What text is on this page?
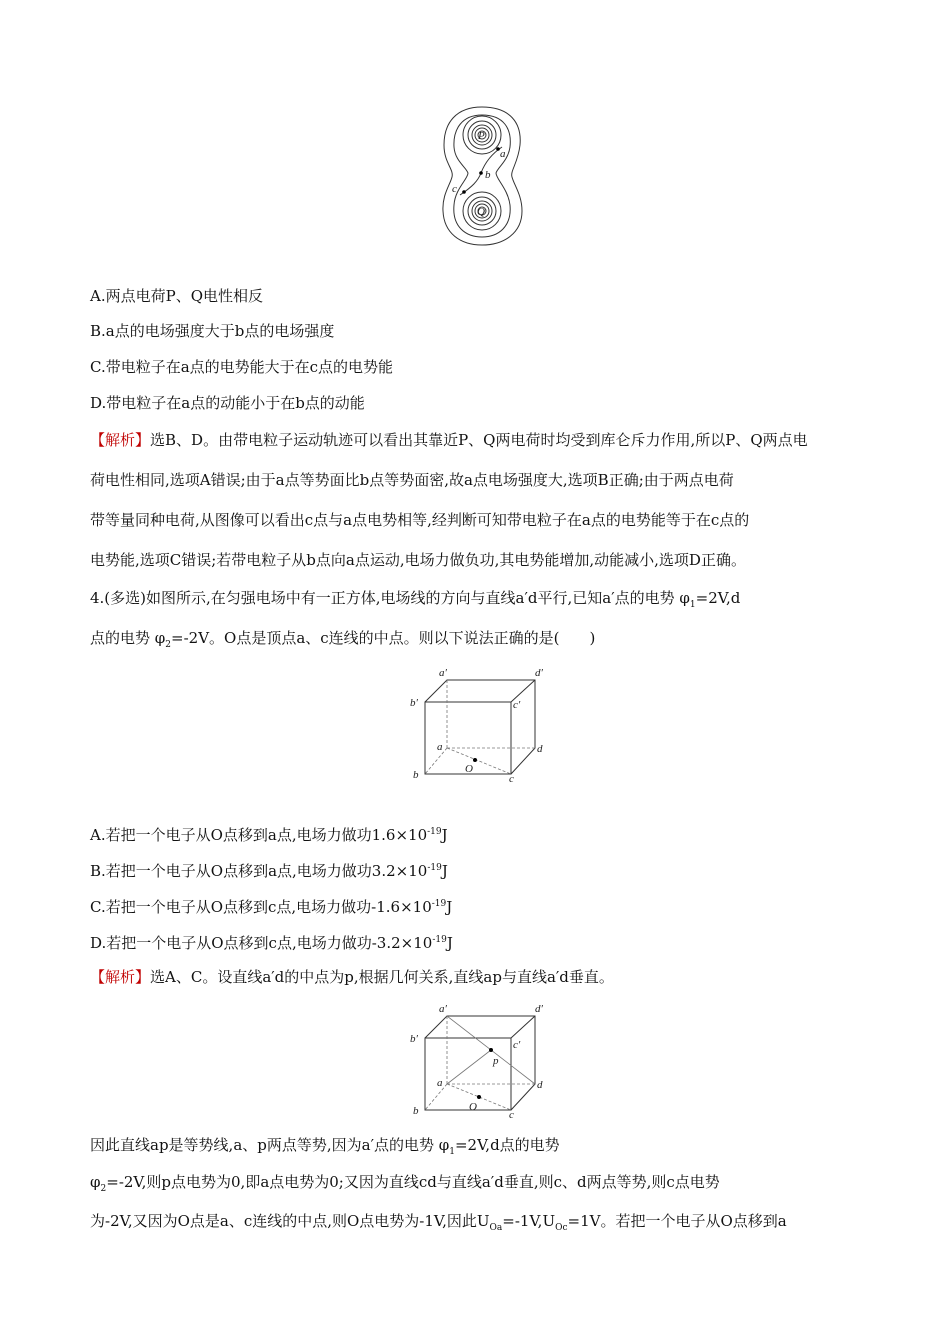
P
Q
a
b
c
A.两点电荷P、Q电性相反
B.a点的电场强度大于b点的电场强度
C.带电粒子在a点的电势能大于在c点的电势能
D.带电粒子在a点的动能小于在b点的动能
【解析】选B、D。由带电粒子运动轨迹可以看出其靠近P、Q两电荷时均受到库仑斥力作用,所以P、Q两点电
荷电性相同,选项A错误;由于a点等势面比b点等势面密,故a点电场强度大,选项B正确;由于两点电荷
带等量同种电荷,从图像可以看出c点与a点电势相等,经判断可知带电粒子在a点的电势能等于在c点的
电势能,选项C错误;若带电粒子从b点向a点运动,电场力做负功,其电势能增加,动能减小,选项D正确。
4.(多选)如图所示,在匀强电场中有一正方体,电场线的方向与直线a′d平行,已知a′点的电势 $\varphi_1=2V,d$
点的电势 $\varphi_2=-2V$。O点是顶点a、c连线的中点。则以下说法正确的是(　　)
a′	d′
b′	c′
a	d
b	c
O
A.若把一个电子从O点移到a点,电场力做功$1.6\times 10^{-19}J$
B.若把一个电子从O点移到a点,电场力做功$3.2\times 10^{-19}J$
C.若把一个电子从O点移到c点,电场力做功$-1.6\times 10^{-19}J$
D.若把一个电子从O点移到c点,电场力做功$-3.2\times 10^{-19}J$
【解析】选A、C。设直线a′d的中点为p,根据几何关系,直线ap与直线a′d垂直。
a′	d′
b′	c′
p
a	d
b	c
O
因此直线ap是等势线,a、p两点等势,因为a′点的电势 $\varphi_1=2V,d$点的电势
$\varphi_2=-2V$,则p点电势为0,即a点电势为0;又因为直线cd与直线a′d垂直,则c、d两点等势,则c点电势
为-2V,又因为O点是a、c连线的中点,则O点电势为-1V,因此$U_{Oa}=-1V,U_{Oc}=1V$。若把一个电子从O点移到a
